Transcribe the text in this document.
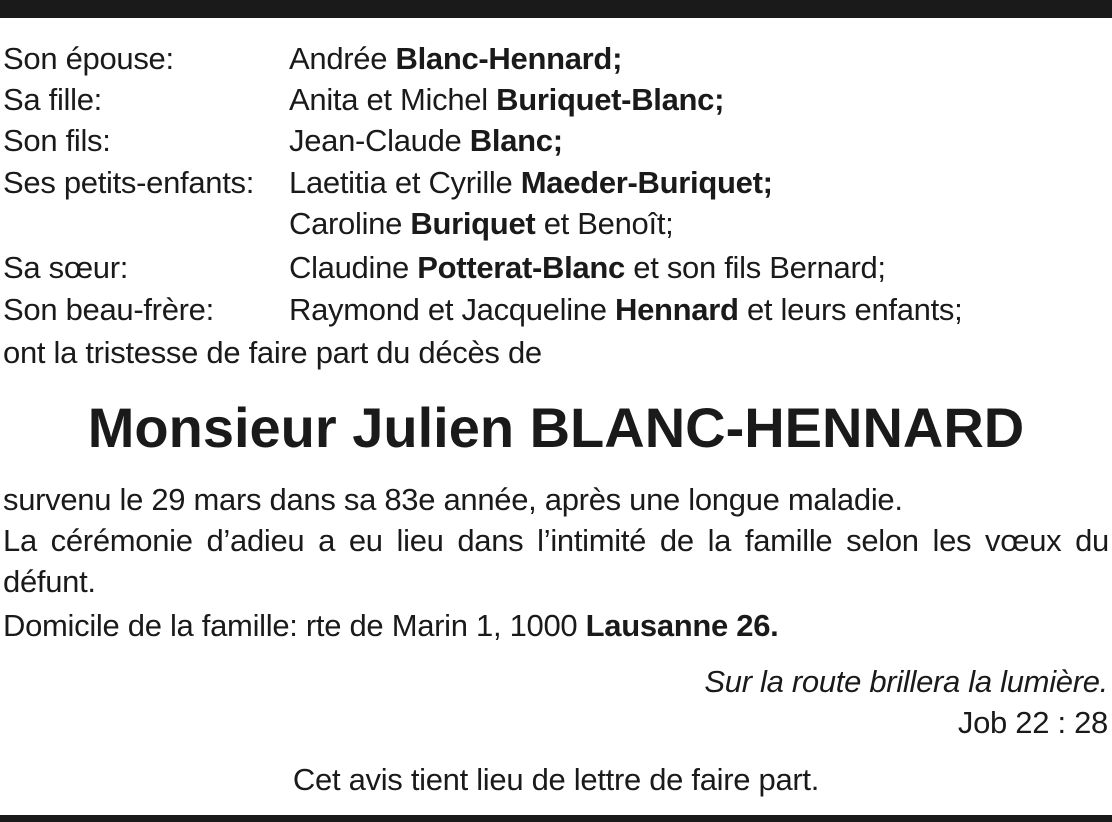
Son épouse:	Andrée Blanc-Hennard;
Sa fille:	Anita et Michel Buriquet-Blanc;
Son fils:	Jean-Claude Blanc;
Ses petits-enfants: Laetitia et Cyrille Maeder-Buriquet;
Caroline Buriquet et Benoît;
Sa sœur:	Claudine Potterat-Blanc et son fils Bernard;
Son beau-frère: Raymond et Jacqueline Hennard et leurs enfants;
ont la tristesse de faire part du décès de
Monsieur Julien BLANC-HENNARD
survenu le 29 mars dans sa 83e année, après une longue maladie.
La cérémonie d’adieu a eu lieu dans l’intimité de la famille selon les vœux du défunt.
Domicile de la famille: rte de Marin 1, 1000 Lausanne 26.
Sur la route brillera la lumière.
Job 22 : 28
Cet avis tient lieu de lettre de faire part.
